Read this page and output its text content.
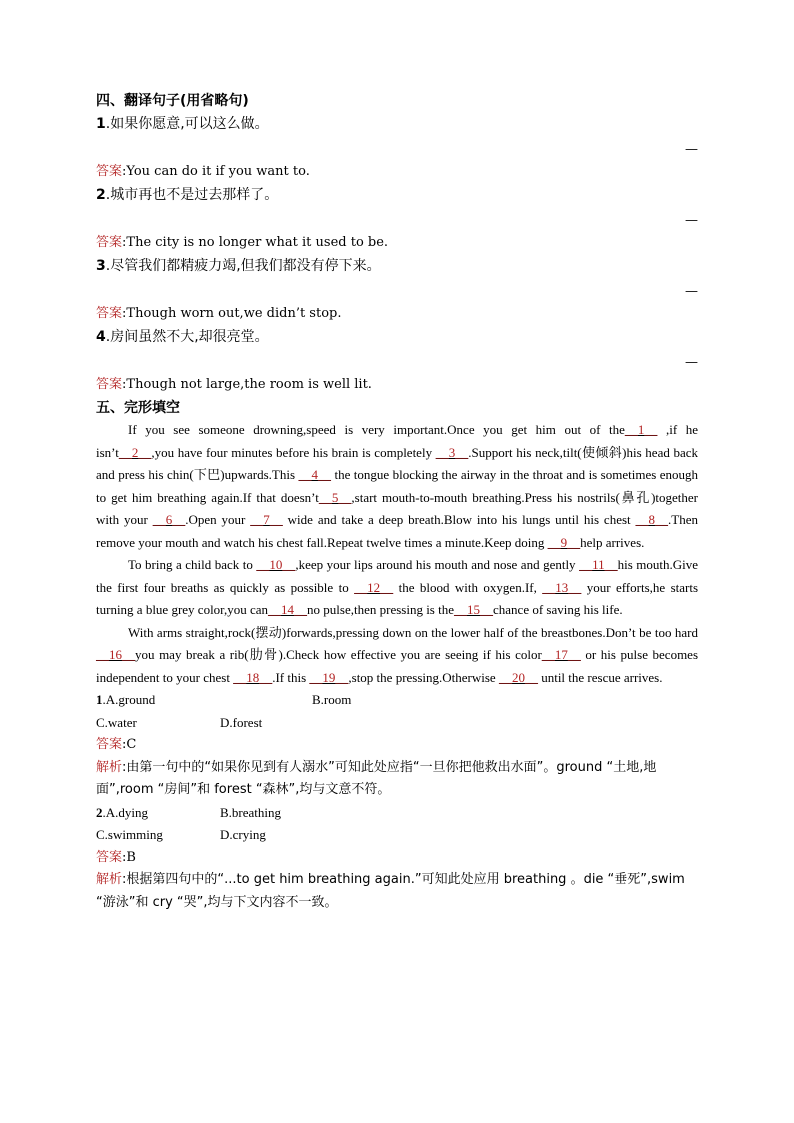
四、翻译句子(用省略句)
1.如果你愿意,可以这么做。
—
答案:You can do it if you want to.
2.城市再也不是过去那样了。
—
答案:The city is no longer what it used to be.
3.尽管我们都精疲力竭,但我们都没有停下来。
—
答案:Though worn out,we didn’t stop.
4.房间虽然不大,却很亮堂。
—
答案:Though not large,the room is well lit.
五、完形填空

If you see someone drowning,speed is very important.Once you get him out of the__1__ ,if he isn’t__2__,you have four minutes before his brain is completely __3__.Support his neck,tilt(使倾斜)his head back and press his chin(下巴)upwards.This __4__ the tongue blocking the airway in the throat and is sometimes enough to get him breathing again.If that doesn’t__5__,start mouth-to-mouth breathing.Press his nostrils(鼻孔)together with your __6__.Open your __7__ wide and take a deep breath.Blow into his lungs until his chest __8__.Then remove your mouth and watch his chest fall.Repeat twelve times a minute.Keep doing __9__help arrives.

To bring a child back to __10__,keep your lips around his mouth and nose and gently __11__his mouth.Give the first four breaths as quickly as possible to __12__ the blood with oxygen.If, __13__ your efforts,he starts turning a blue grey color,you can__14__no pulse,then pressing is the__15__chance of saving his life.

With arms straight,rock(摆动)forwards,pressing down on the lower half of the breastbones.Don’t be too hard __16__you may break a rib(肋骨).Check how effective you are seeing if his color__17__ or his pulse becomes independent to your chest __18__.If this __19__,stop the pressing.Otherwise __20__ until the rescue arrives.

1.A.ground	B.room
C.water	D.forest
答案:C
解析:由第一句中的“如果你见到有人溺水”可知此处应指“一旦你把他救出水面”。ground “土地,地面”,room “房间”和 forest “森林”,均与文意不符。
2.A.dying	B.breathing
C.swimming	D.crying
答案:B
解析:根据第四句中的“...to get him breathing again.”可知此处应用 breathing 。die “垂死”,swim “游泳”和 cry “哭”,均与下文内容不一致。
